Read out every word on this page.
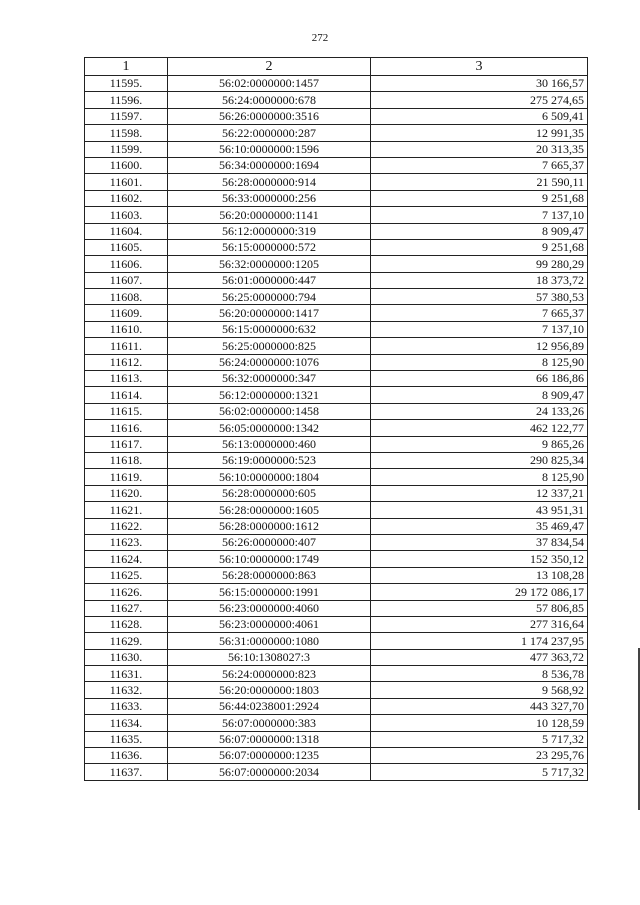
272
1	2	3
11595.	56:02:0000000:1457	30 166,57
11596.	56:24:0000000:678	275 274,65
11597.	56:26:0000000:3516	6 509,41
11598.	56:22:0000000:287	12 991,35
11599.	56:10:0000000:1596	20 313,35
11600.	56:34:0000000:1694	7 665,37
11601.	56:28:0000000:914	21 590,11
11602.	56:33:0000000:256	9 251,68
11603.	56:20:0000000:1141	7 137,10
11604.	56:12:0000000:319	8 909,47
11605.	56:15:0000000:572	9 251,68
11606.	56:32:0000000:1205	99 280,29
11607.	56:01:0000000:447	18 373,72
11608.	56:25:0000000:794	57 380,53
11609.	56:20:0000000:1417	7 665,37
11610.	56:15:0000000:632	7 137,10
11611.	56:25:0000000:825	12 956,89
11612.	56:24:0000000:1076	8 125,90
11613.	56:32:0000000:347	66 186,86
11614.	56:12:0000000:1321	8 909,47
11615.	56:02:0000000:1458	24 133,26
11616.	56:05:0000000:1342	462 122,77
11617.	56:13:0000000:460	9 865,26
11618.	56:19:0000000:523	290 825,34
11619.	56:10:0000000:1804	8 125,90
11620.	56:28:0000000:605	12 337,21
11621.	56:28:0000000:1605	43 951,31
11622.	56:28:0000000:1612	35 469,47
11623.	56:26:0000000:407	37 834,54
11624.	56:10:0000000:1749	152 350,12
11625.	56:28:0000000:863	13 108,28
11626.	56:15:0000000:1991	29 172 086,17
11627.	56:23:0000000:4060	57 806,85
11628.	56:23:0000000:4061	277 316,64
11629.	56:31:0000000:1080	1 174 237,95
11630.	56:10:1308027:3	477 363,72
11631.	56:24:0000000:823	8 536,78
11632.	56:20:0000000:1803	9 568,92
11633.	56:44:0238001:2924	443 327,70
11634.	56:07:0000000:383	10 128,59
11635.	56:07:0000000:1318	5 717,32
11636.	56:07:0000000:1235	23 295,76
11637.	56:07:0000000:2034	5 717,32
